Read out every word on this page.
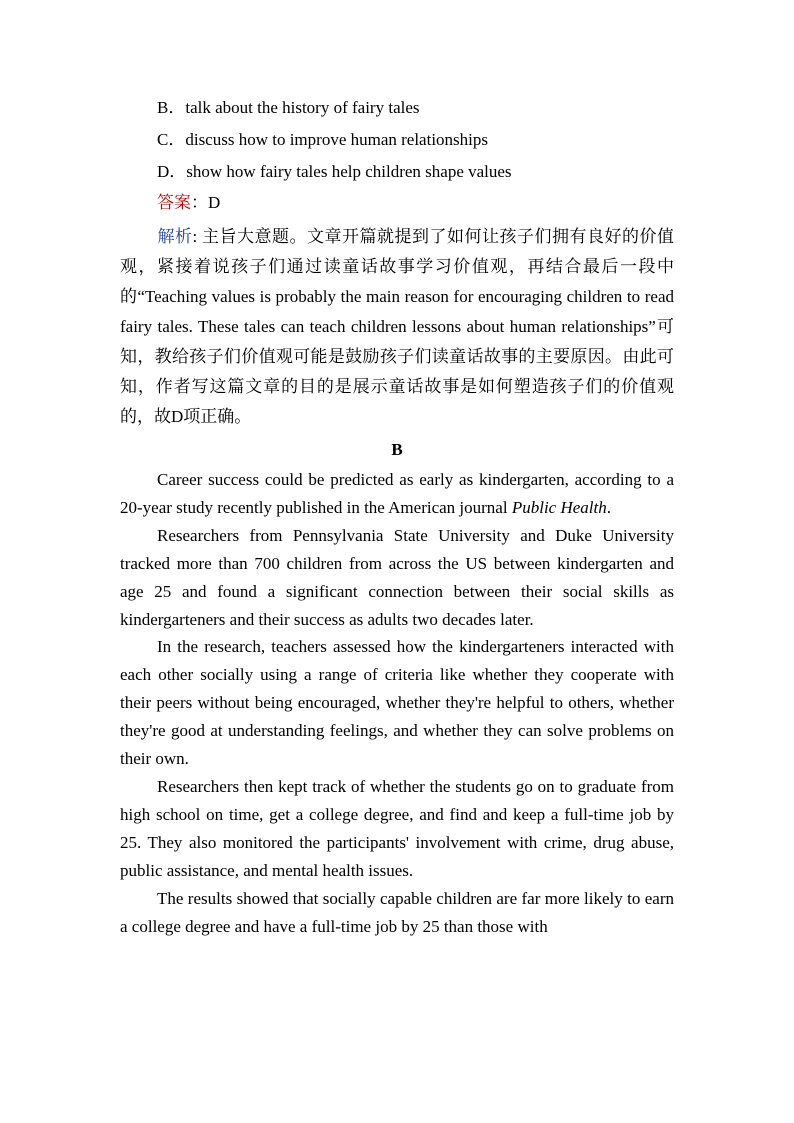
B．talk about the history of fairy tales
C．discuss how to improve human relationships
D．show how fairy tales help children shape values
答案：D
解析: 主旨大意题。文章开篇就提到了如何让孩子们拥有良好的价值观，紧接着说孩子们通过读童话故事学习价值观，再结合最后一段中的“Teaching values is probably the main reason for encouraging children to read fairy tales. These tales can teach children lessons about human relationships”可知，教给孩子们价值观可能是鼓励孩子们读童话故事的主要原因。由此可知，作者写这篇文章的目的是展示童话故事是如何塑造孩子们的价值观的，故D项正确。
B

Career success could be predicted as early as kindergarten, according to a 20-year study recently published in the American journal Public Health.

Researchers from Pennsylvania State University and Duke University tracked more than 700 children from across the US between kindergarten and age 25 and found a significant connection between their social skills as kindergarteners and their success as adults two decades later.

In the research, teachers assessed how the kindergarteners interacted with each other socially using a range of criteria like whether they cooperate with their peers without being encouraged, whether they're helpful to others, whether they're good at understanding feelings, and whether they can solve problems on their own.

Researchers then kept track of whether the students go on to graduate from high school on time, get a college degree, and find and keep a full-time job by 25. They also monitored the participants' involvement with crime, drug abuse, public assistance, and mental health issues.

The results showed that socially capable children are far more likely to earn a college degree and have a full-time job by 25 than those with
